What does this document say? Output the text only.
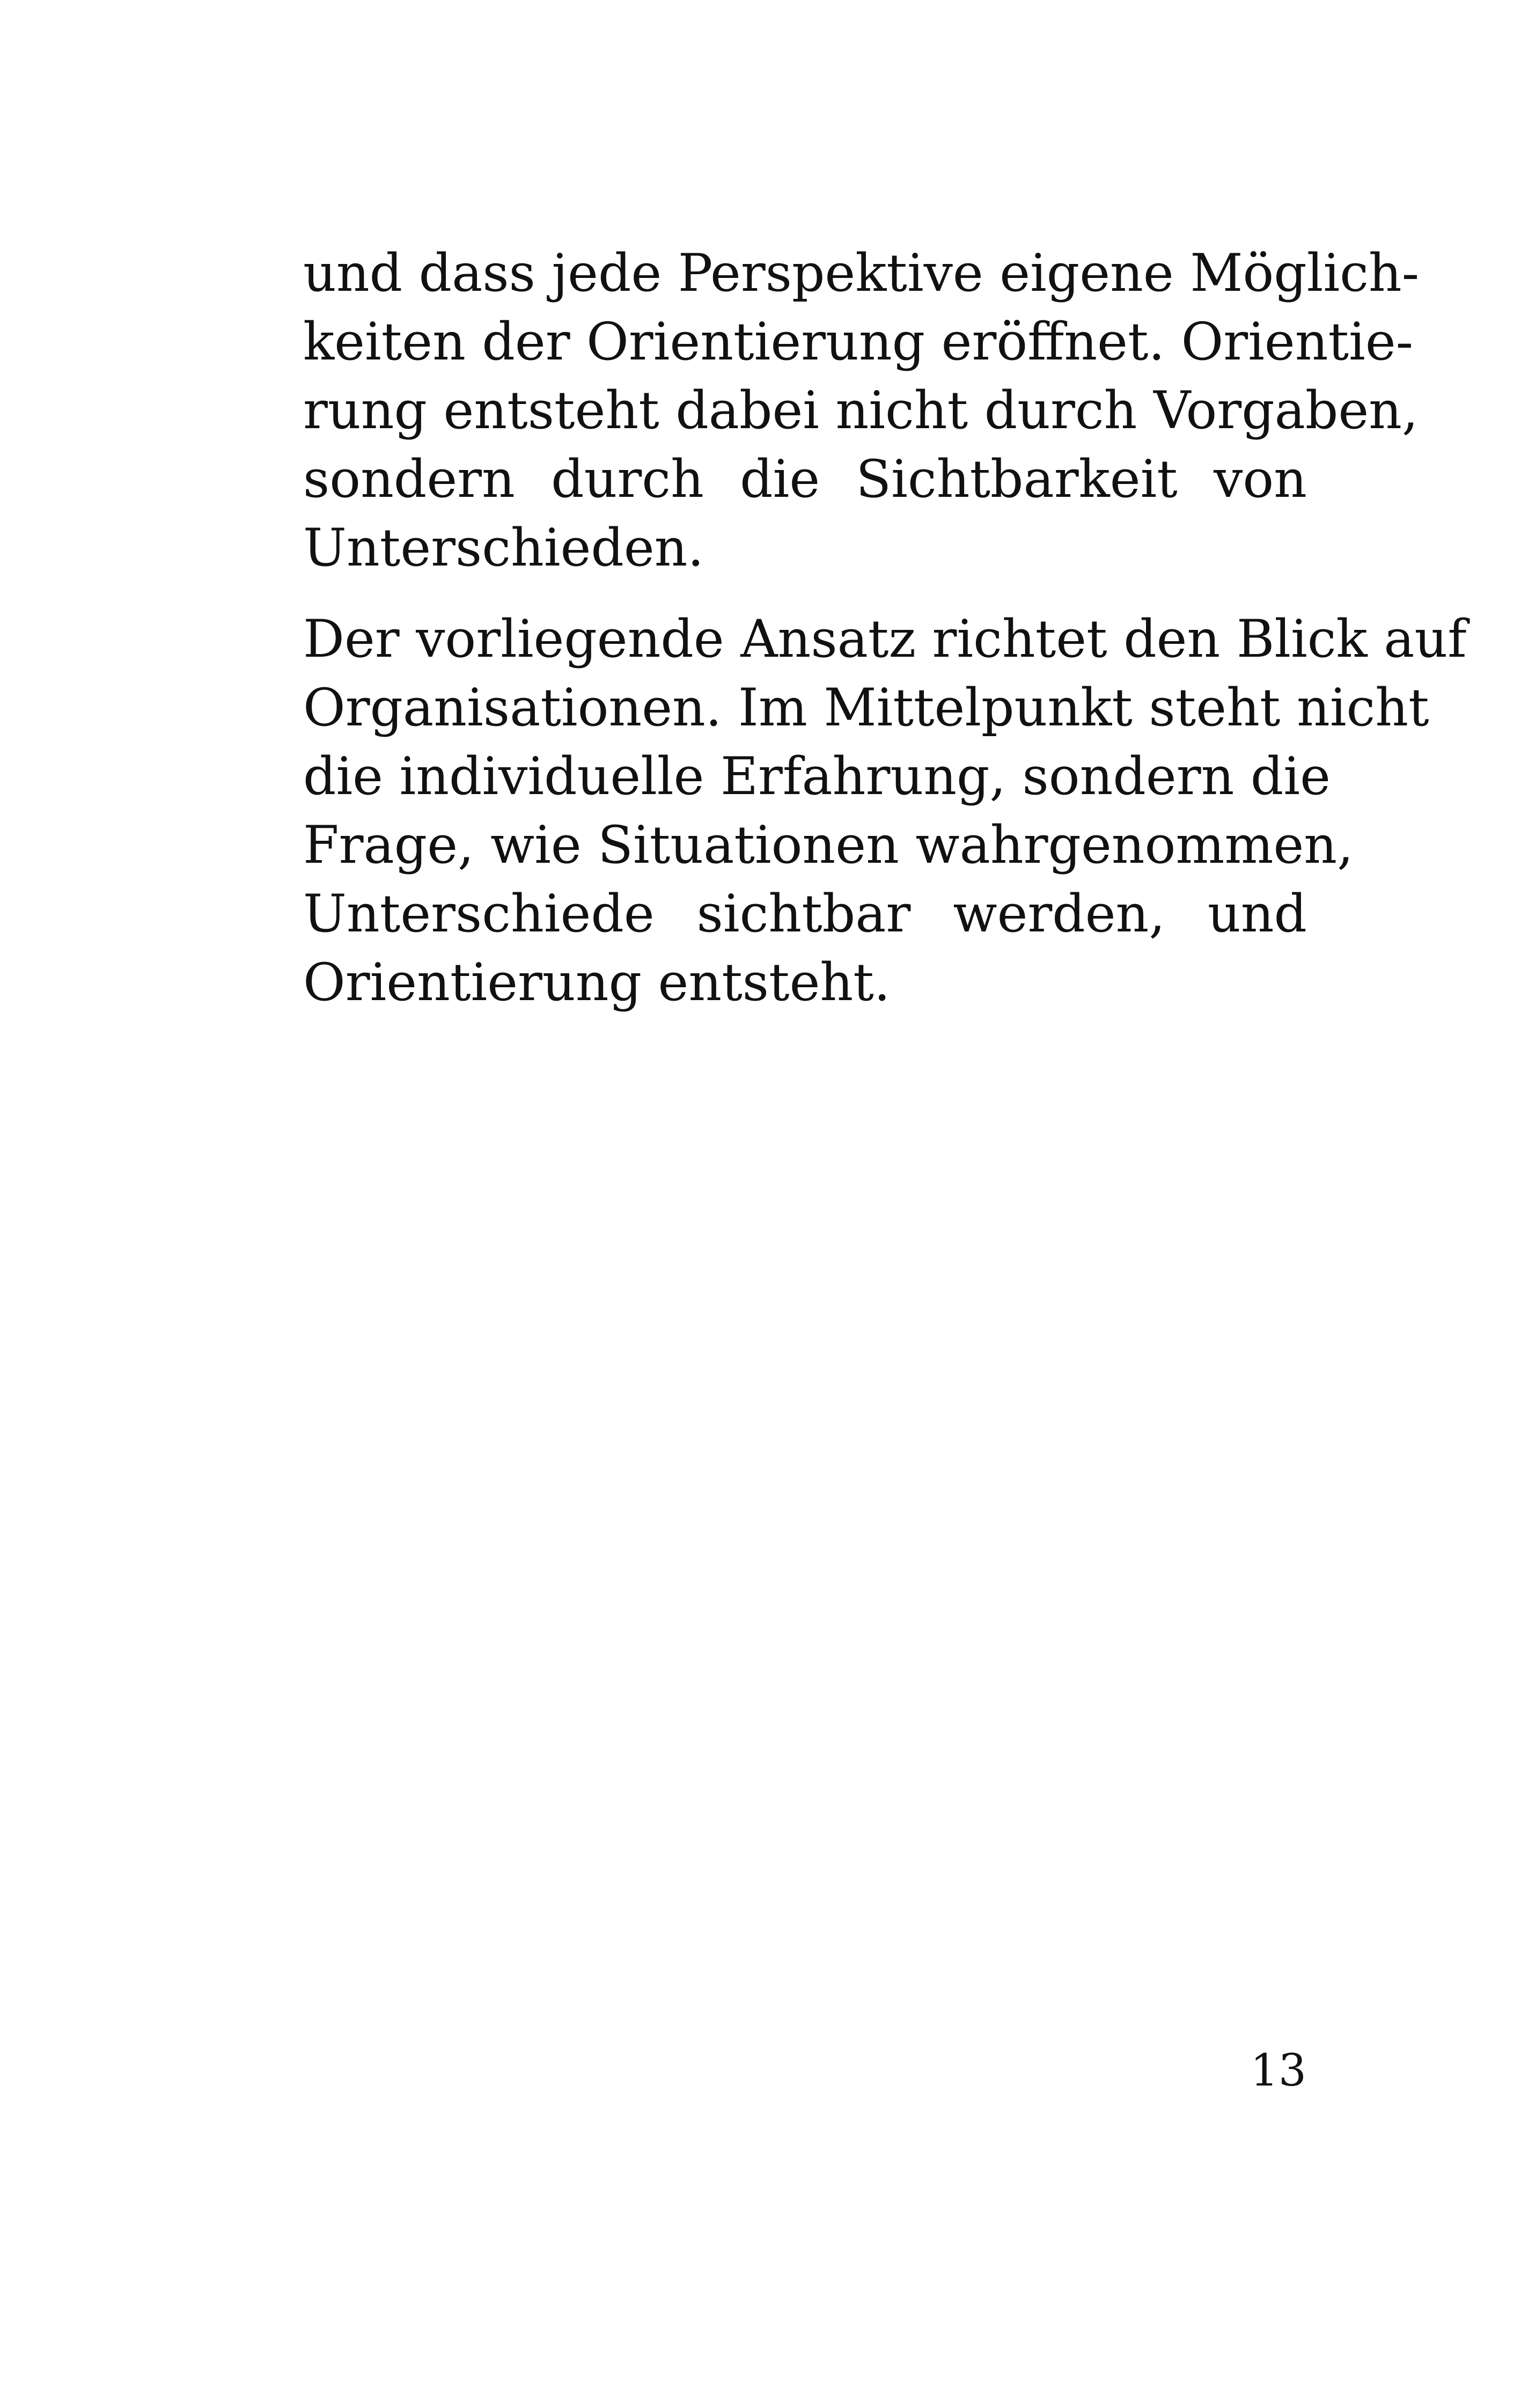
und dass jede Perspektive eigene Möglich-
keiten der Orientierung eröffnet. Orientie-
rung entsteht dabei nicht durch Vorgaben,
sondern durch die Sichtbarkeit von
Unterschieden.

Der vorliegende Ansatz richtet den Blick auf
Organisationen. Im Mittelpunkt steht nicht
die individuelle Erfahrung, sondern die
Frage, wie Situationen wahrgenommen,
Unterschiede sichtbar werden, und
Orientierung entsteht.

13
